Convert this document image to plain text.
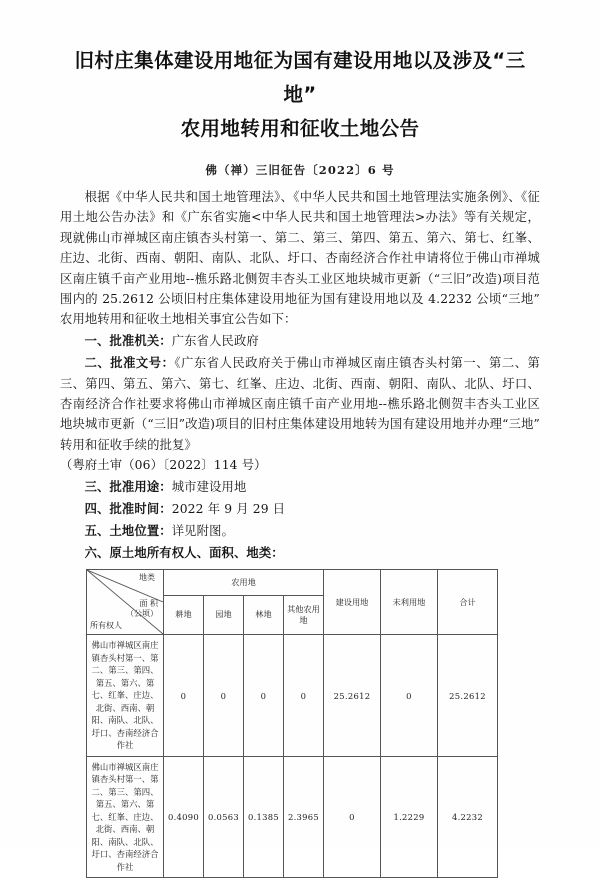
旧村庄集体建设用地征为国有建设用地以及涉及“三地”
农用地转用和征收土地公告
佛（禅）三旧征告〔2022〕6 号

根据《中华人民共和国土地管理法》、《中华人民共和国土地管理法实施条例》、《征用土地公告办法》和《广东省实施<中华人民共和国土地管理法>办法》等有关规定，现就佛山市禅城区南庄镇杏头村第一、第二、第三、第四、第五、第六、第七、红峯、庄边、北街、西南、朝阳、南队、北队、圩口、杏南经济合作社申请将位于佛山市禅城区南庄镇千亩产业用地--樵乐路北侧贺丰杏头工业区地块城市更新（“三旧”改造)项目范围内的 25.2612 公顷旧村庄集体建设用地征为国有建设用地以及 4.2232 公顷“三地”农用地转用和征收土地相关事宜公告如下：

一、批准机关：广东省人民政府

二、批准文号：《广东省人民政府关于佛山市禅城区南庄镇杏头村第一、第二、第三、第四、第五、第六、第七、红峯、庄边、北街、西南、朝阳、南队、北队、圩口、杏南经济合作社要求将佛山市禅城区南庄镇千亩产业用地--樵乐路北侧贺丰杏头工业区地块城市更新（“三旧”改造)项目的旧村庄集体建设用地转为国有建设用地并办理“三地”转用和征收手续的批复》

（粤府土审（06）〔2022〕114 号）

三、批准用途：城市建设用地

四、批准时间：2022 年 9 月 29 日

五、土地位置：详见附图。

六、原土地所有权人、面积、地类：

地类
面 积
（公顷）
所有权人	农用地				建设用地	未利用地	合计
	耕地	园地	林地	其他农用地			
佛山市禅城区南庄镇杏头村第一、第二、第三、第四、第五、第六、第七、红峯、庄边、北街、西南、朝阳、南队、北队、圩口、杏南经济合作社	0	0	0	0	25.2612	0	25.2612
佛山市禅城区南庄镇杏头村第一、第二、第三、第四、第五、第六、第七、红峯、庄边、北街、西南、朝阳、南队、北队、圩口、杏南经济合作社	0.4090	0.0563	0.1385	2.3965	0	1.2229	4.2232
